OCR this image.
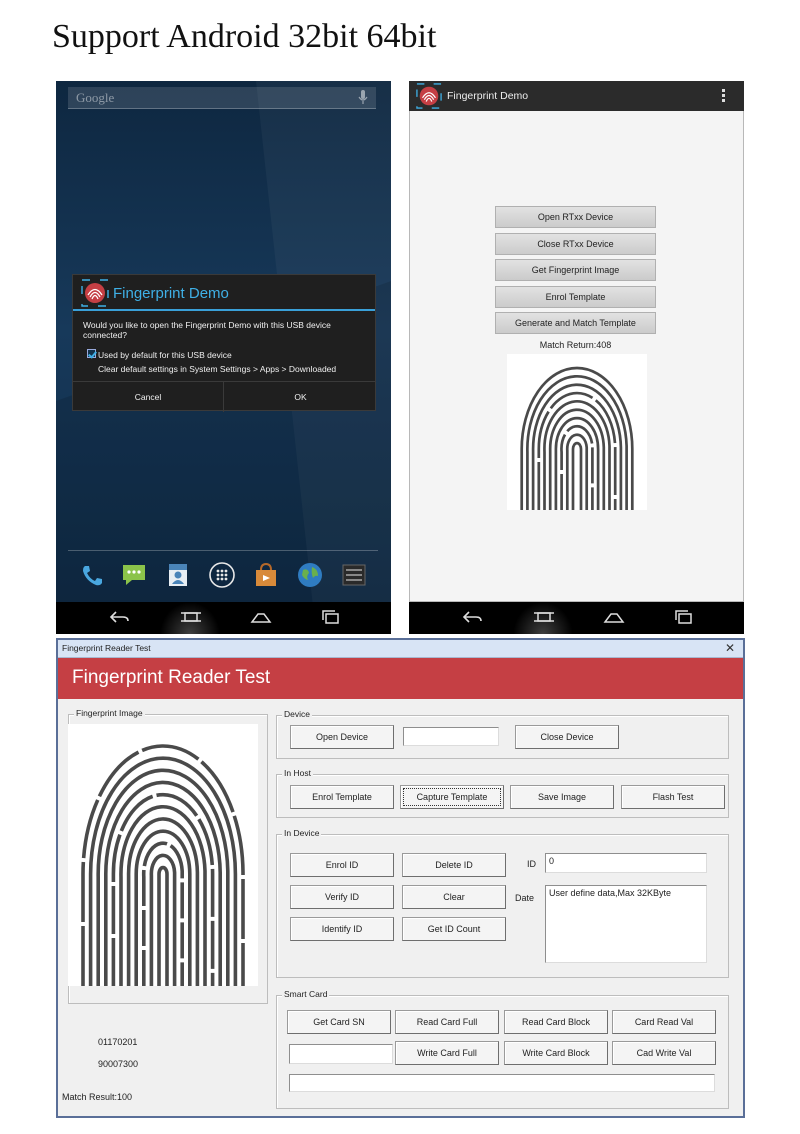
Support Android 32bit 64bit
Google
Fingerprint Demo
Would you like to open the Fingerprint Demo with this USB device connected?
Used by default for this USB device
Clear default settings in System Settings > Apps > Downloaded
Cancel	OK
Fingerprint Demo
Open RTxx Device
Close RTxx Device
Get Fingerprint Image
Enrol Template
Generate and Match Template
Match Return:408
Fingerprint Reader Test	✕
Fingerprint Reader Test
Fingerprint Image
01170201
90007300
Match Result:100
Device
Open Device	Close Device
In Host
Enrol Template	Capture Template	Save Image	Flash Test
In Device
Enrol ID	Delete ID	ID	0
Verify ID	Clear	Date	User define data,Max 32KByte
Identify ID	Get ID Count
Smart Card
Get Card SN	Read Card Full	Read Card Block	Card Read Val
Write Card Full	Write Card Block	Cad Write Val
